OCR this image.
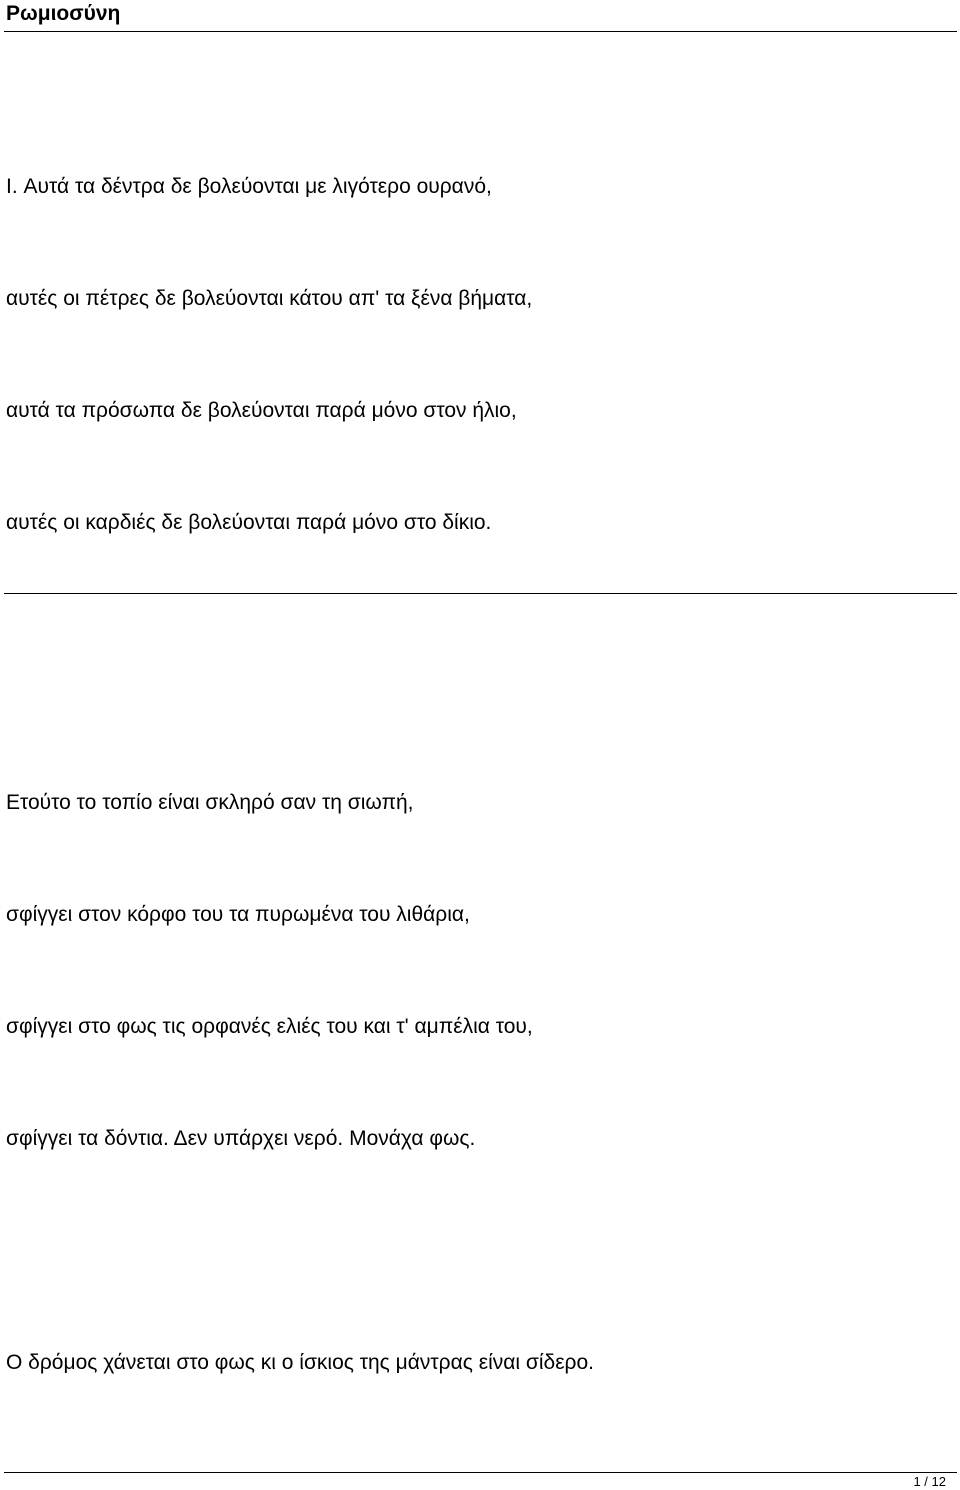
Ρωμιοσύνη
I. Αυτά τα δέντρα δε βολεύονται με λιγότερο ουρανό,
αυτές οι πέτρες δε βολεύονται κάτου απ' τα ξένα βήματα,
αυτά τα πρόσωπα δε βολεύονται παρά μόνο στον ήλιο,
αυτές οι καρδιές δε βολεύονται παρά μόνο στο δίκιο.
Ετούτο το τοπίο είναι σκληρό σαν τη σιωπή,
σφίγγει στον κόρφο του τα πυρωμένα του λιθάρια,
σφίγγει στο φως τις ορφανές ελιές του και τ' αμπέλια του,
σφίγγει τα δόντια. Δεν υπάρχει νερό. Μονάχα φως.
Ο δρόμος χάνεται στο φως κι ο ίσκιος της μάντρας είναι σίδερο.
1 / 12
